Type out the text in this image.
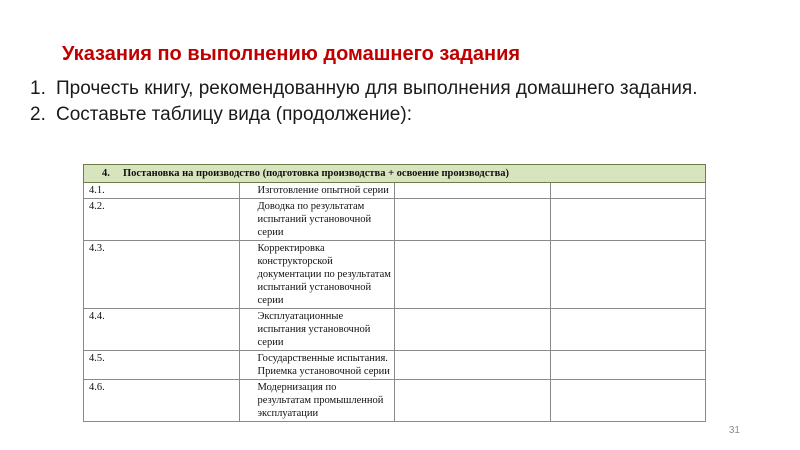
Указания по выполнению домашнего задания
1. Прочесть книгу, рекомендованную для выполнения домашнего задания.
2. Составьте таблицу вида (продолжение):
4. Постановка на производство (подготовка производства + освоение производства)			
4.1.	Изготовление опытной серии		
4.2.	Доводка по результатам испытаний установочной серии		
4.3.	Корректировка конструкторской документации по результатам испытаний установочной серии		
4.4.	Эксплуатационные испытания установочной серии		
4.5.	Государственные испытания. Приемка установочной серии		
4.6.	Модернизация по результатам промышленной эксплуатации		
31
